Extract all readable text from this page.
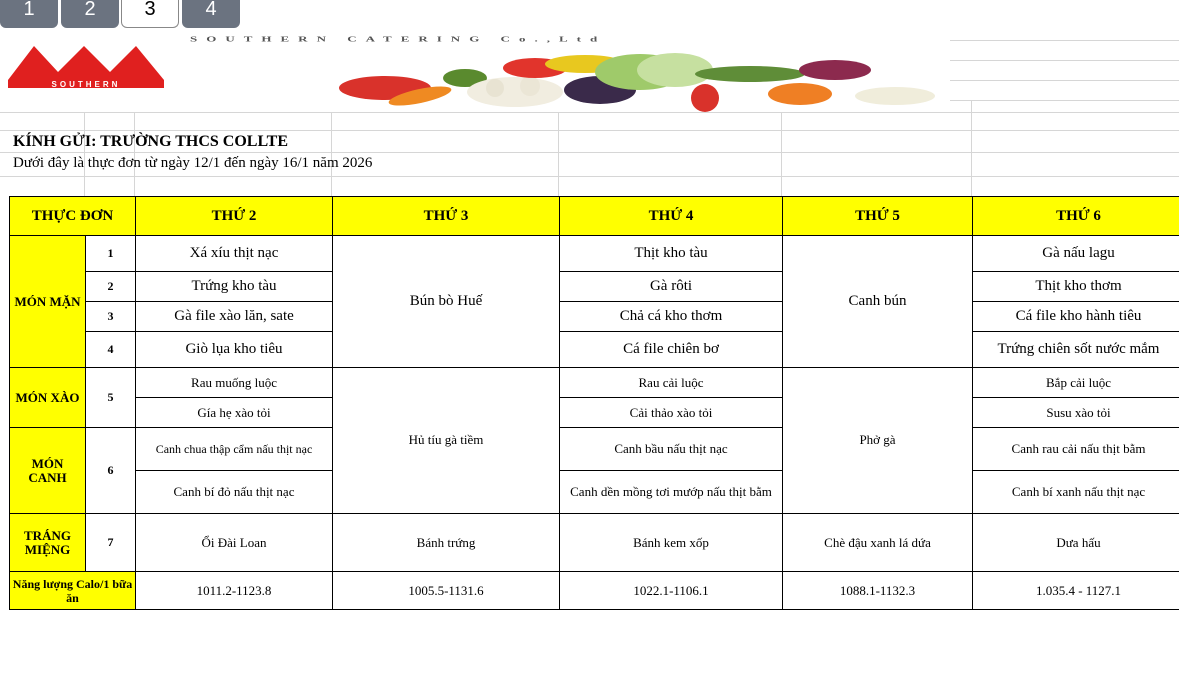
1	2	3	4
SOUTHERN
SOUTHERN CATERING Co.,Ltd
KÍNH GỬI: TRƯỜNG THCS COLLTE
Dưới đây là thực đơn từ ngày 12/1 đến ngày 16/1 năm 2026
THỰC ĐƠN		THỨ 2	THỨ 3	THỨ 4	THỨ 5	THỨ 6
MÓN MẶN	1	Xá xíu thịt nạc	Bún bò Huế	Thịt kho tàu	Canh bún	Gà nấu lagu
	2	Trứng kho tàu		Gà rôti		Thịt kho thơm
	3	Gà file xào lăn, sate		Chả cá kho thơm		Cá file kho hành tiêu
	4	Giò lụa kho tiêu		Cá file chiên bơ		Trứng chiên sốt nước mắm
MÓN XÀO	5	Rau muống luộc	Hủ tíu gà tiềm	Rau cải luộc	Phở gà	Bắp cải luộc
		Gía hẹ xào tỏi		Cải thảo xào tỏi		Susu xào tỏi
MÓN CANH	6	Canh chua thập cẩm nấu thịt nạc		Canh bầu nấu thịt nạc		Canh rau cải nấu thịt bằm
		Canh bí đỏ nấu thịt nạc		Canh dền mồng tơi mướp nấu thịt bằm		Canh bí xanh nấu thịt nạc
TRÁNG MIỆNG	7	Ổi Đài Loan	Bánh trứng	Bánh kem xốp	Chè đậu xanh lá dứa	Dưa hấu
Năng lượng Calo/1 bữa ăn		1011.2-1123.8	1005.5-1131.6	1022.1-1106.1	1088.1-1132.3	1.035.4 - 1127.1
